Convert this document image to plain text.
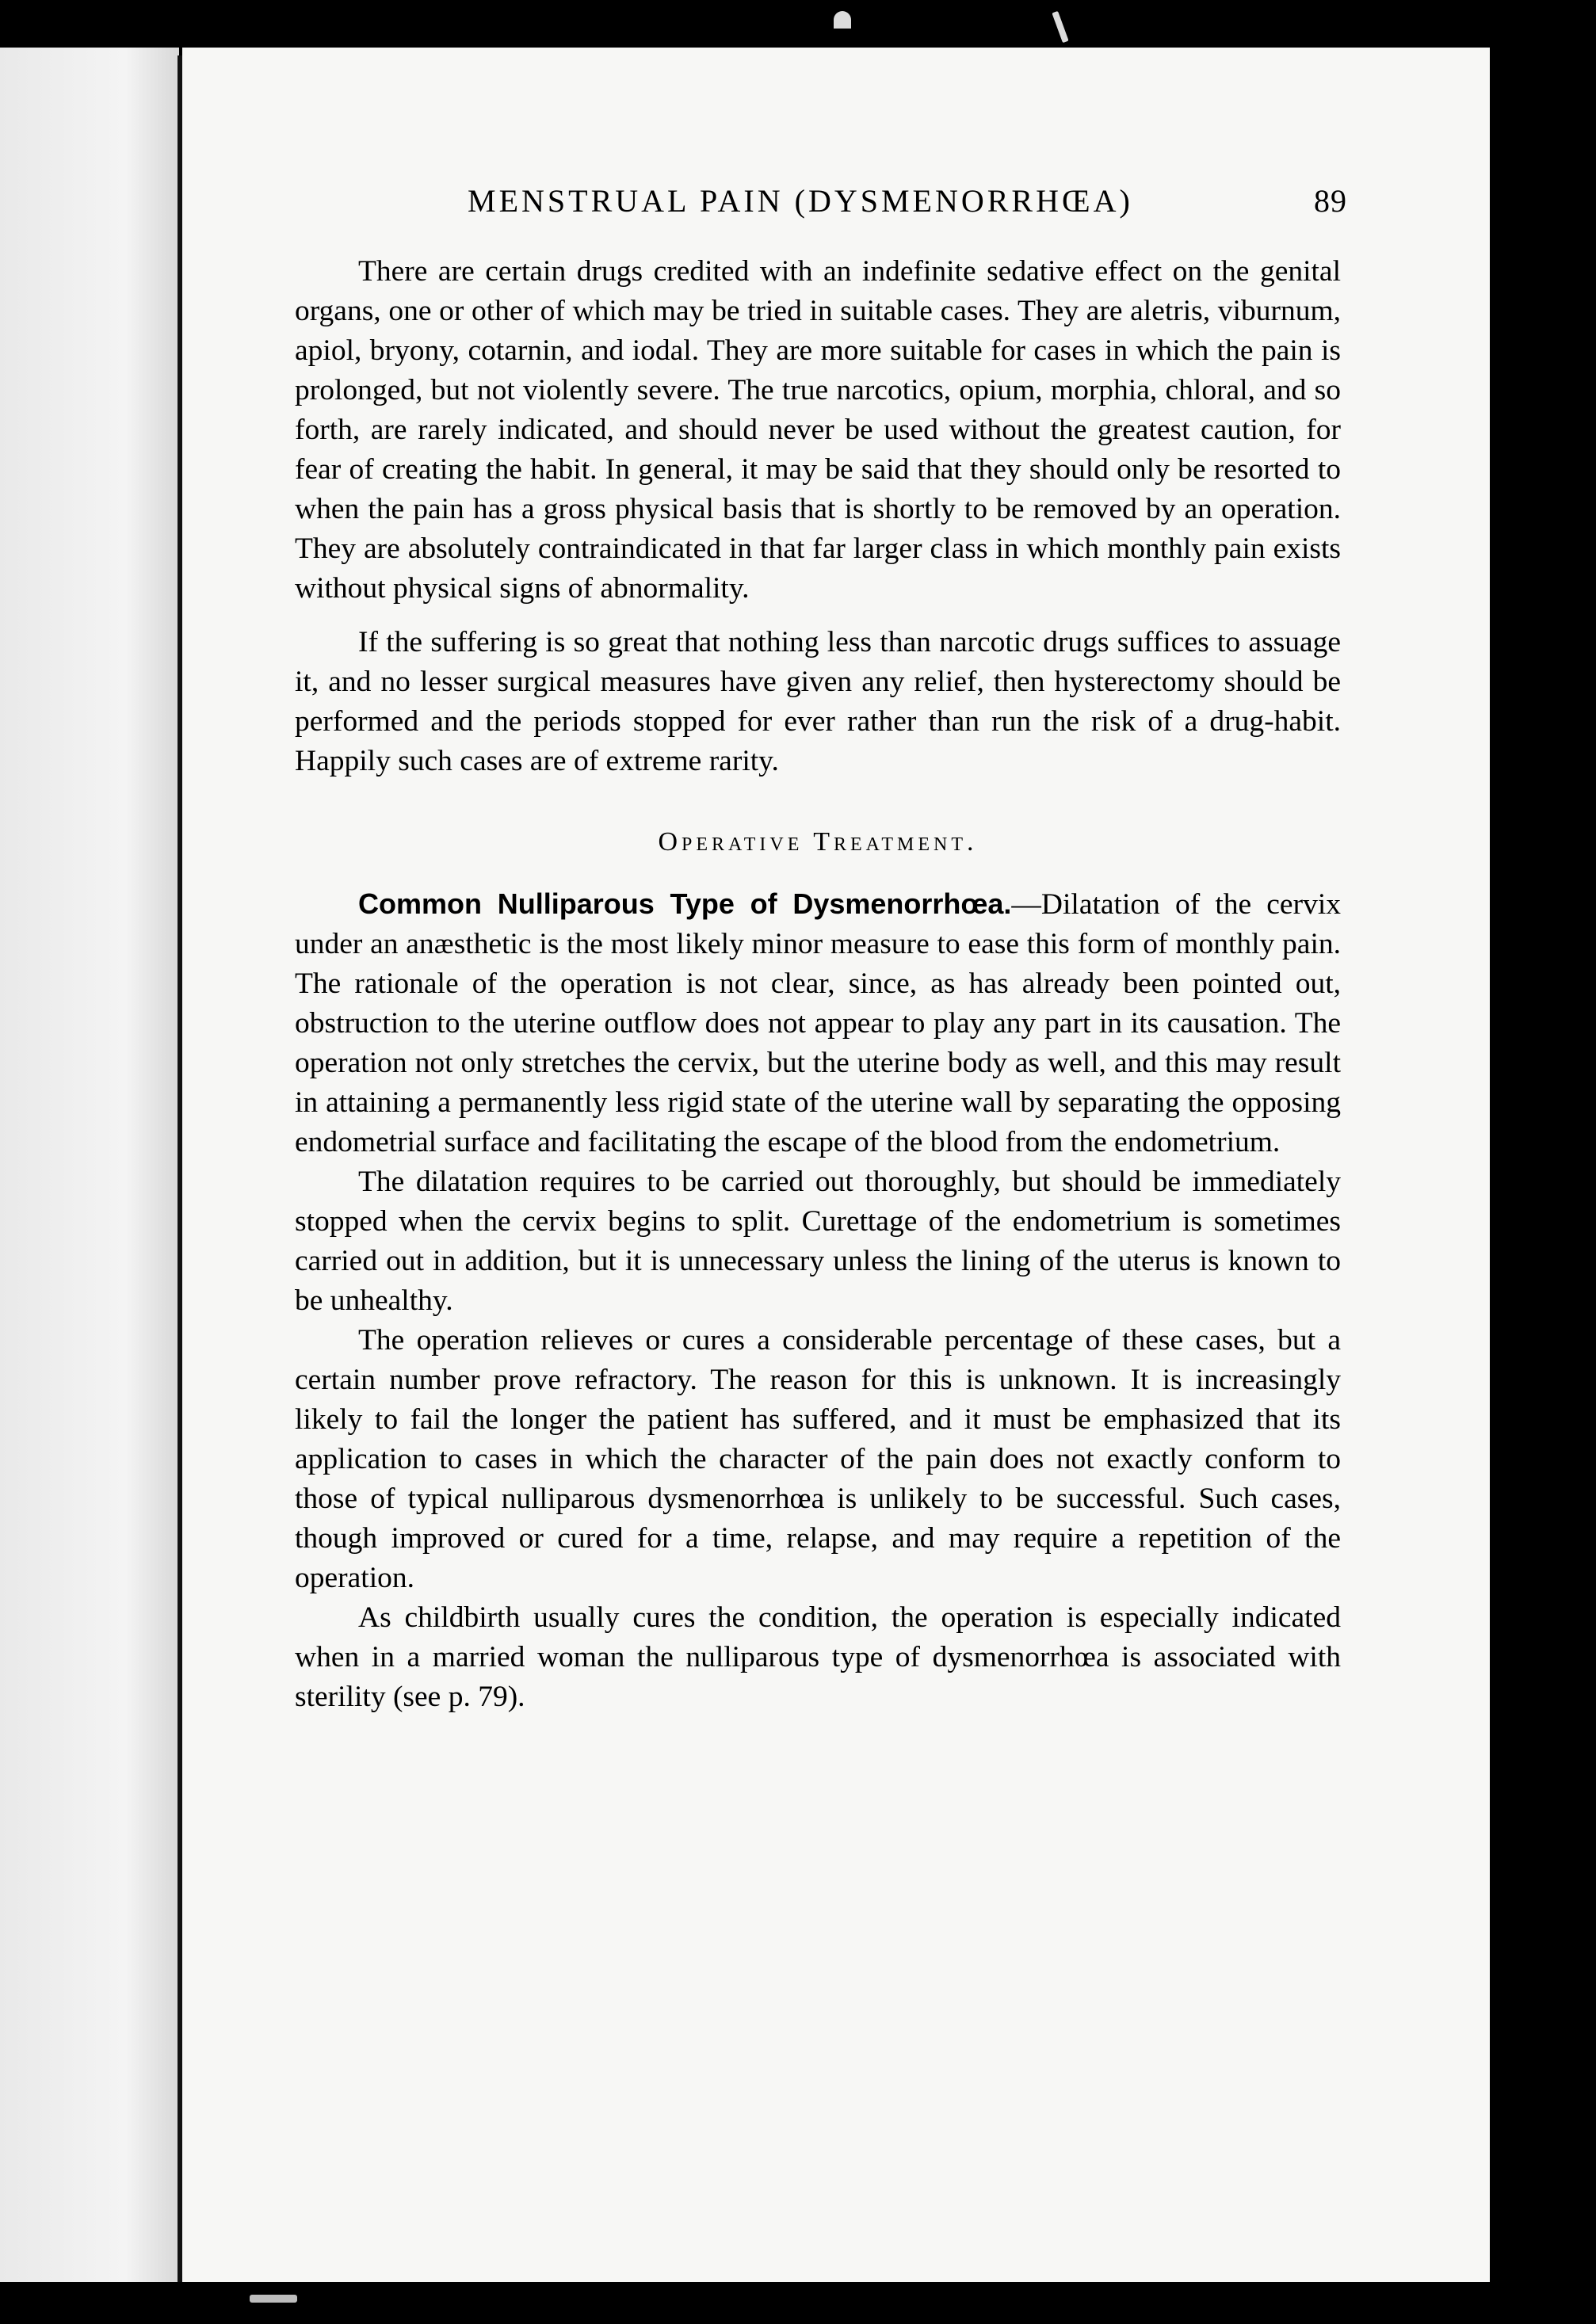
MENSTRUAL PAIN (DYSMENORRHŒA)	89

There are certain drugs credited with an indefinite sedative effect on the genital organs, one or other of which may be tried in suitable cases. They are aletris, viburnum, apiol, bryony, cotarnin, and iodal. They are more suitable for cases in which the pain is prolonged, but not violently severe. The true narcotics, opium, morphia, chloral, and so forth, are rarely indicated, and should never be used without the greatest caution, for fear of creating the habit. In general, it may be said that they should only be resorted to when the pain has a gross physical basis that is shortly to be removed by an operation. They are absolutely contraindicated in that far larger class in which monthly pain exists without physical signs of abnormality.

If the suffering is so great that nothing less than narcotic drugs suffices to assuage it, and no lesser surgical measures have given any relief, then hysterectomy should be performed and the periods stopped for ever rather than run the risk of a drug-habit. Happily such cases are of extreme rarity.

Operative Treatment.

Common Nulliparous Type of Dysmenorrhœa.—Dilatation of the cervix under an anæsthetic is the most likely minor measure to ease this form of monthly pain. The rationale of the operation is not clear, since, as has already been pointed out, obstruction to the uterine outflow does not appear to play any part in its causation. The operation not only stretches the cervix, but the uterine body as well, and this may result in attaining a permanently less rigid state of the uterine wall by separating the opposing endometrial surface and facilitating the escape of the blood from the endometrium.

The dilatation requires to be carried out thoroughly, but should be immediately stopped when the cervix begins to split. Curettage of the endometrium is sometimes carried out in addition, but it is unnecessary unless the lining of the uterus is known to be unhealthy.

The operation relieves or cures a considerable percentage of these cases, but a certain number prove refractory. The reason for this is unknown. It is increasingly likely to fail the longer the patient has suffered, and it must be emphasized that its application to cases in which the character of the pain does not exactly conform to those of typical nulliparous dysmenorrhœa is unlikely to be successful. Such cases, though improved or cured for a time, relapse, and may require a repetition of the operation.

As childbirth usually cures the condition, the operation is especially indicated when in a married woman the nulliparous type of dysmenorrhœa is associated with sterility (see p. 79).
